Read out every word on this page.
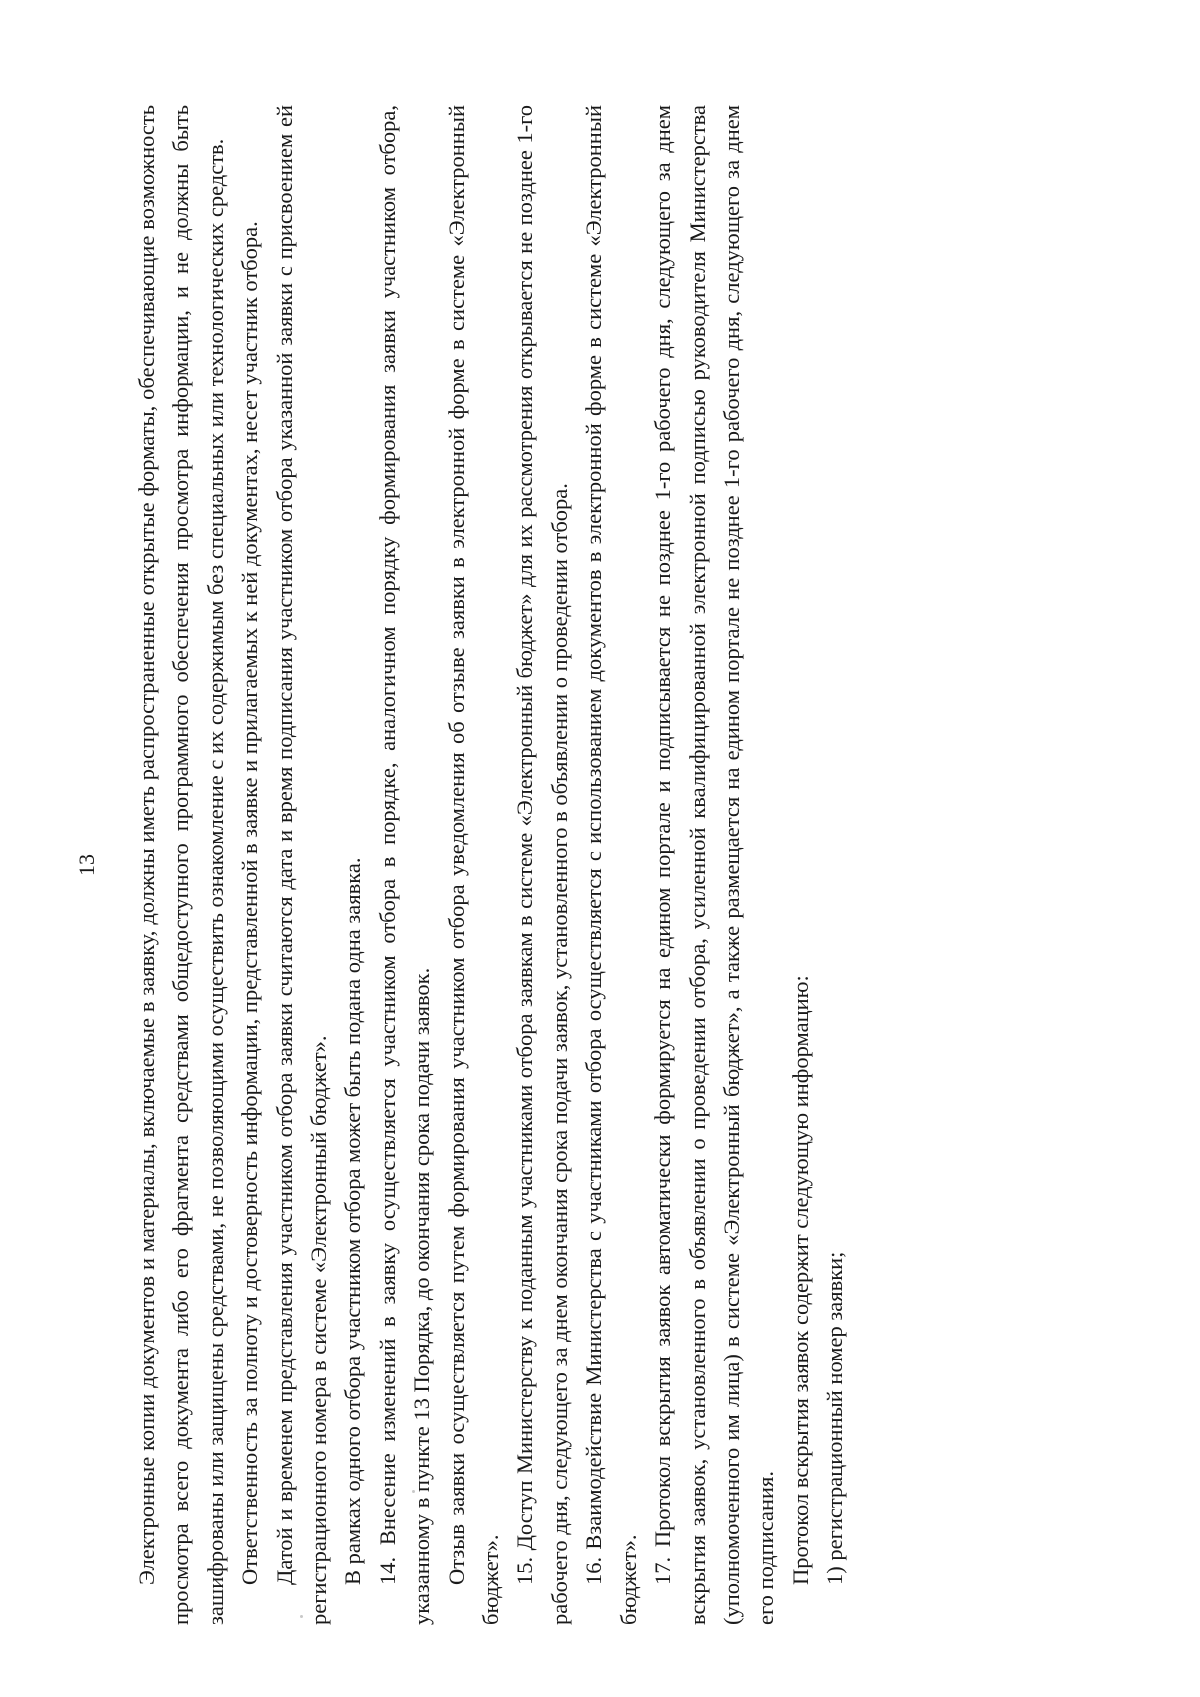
13 Электронные копии документов и материалы, включаемые в заявку, должны иметь распространенные открытые форматы, обеспечивающие возможность просмотра всего документа либо его фрагмента средствами общедоступного программного обеспечения просмотра информации, и не должны быть зашифрованы или защищены средствами, не позволяющими осуществить ознакомление с их содержимым без специальных или технологических средств. Ответственность за полноту и достоверность информации, представленной в заявке и прилагаемых к ней документах, несет участник отбора. Датой и временем представления участником отбора заявки считаются дата и время подписания участником отбора указанной заявки с присвоением ей регистрационного номера в системе «Электронный бюджет». В рамках одного отбора участником отбора может быть подана одна заявка. 14. Внесение изменений в заявку осуществляется участником отбора в порядке, аналогичном порядку формирования заявки участником отбора, указанному в пункте 13 Порядка, до окончания срока подачи заявок. Отзыв заявки осуществляется путем формирования участником отбора уведомления об отзыве заявки в электронной форме в системе «Электронный бюджет». 15. Доступ Министерству к поданным участниками отбора заявкам в системе «Электронный бюджет» для их рассмотрения открывается не позднее 1-го рабочего дня, следующего за днем окончания срока подачи заявок, установленного в объявлении о проведении отбора. 16. Взаимодействие Министерства с участниками отбора осуществляется с использованием документов в электронной форме в системе «Электронный бюджет». 17. Протокол вскрытия заявок автоматически формируется на едином портале и подписывается не позднее 1-го рабочего дня, следующего за днем вскрытия заявок, установленного в объявлении о проведении отбора, усиленной квалифицированной электронной подписью руководителя Министерства (уполномоченного им лица) в системе «Электронный бюджет», а также размещается на едином портале не позднее 1-го рабочего дня, следующего за днем его подписания. Протокол вскрытия заявок содержит следующую информацию: 1) регистрационный номер заявки;
